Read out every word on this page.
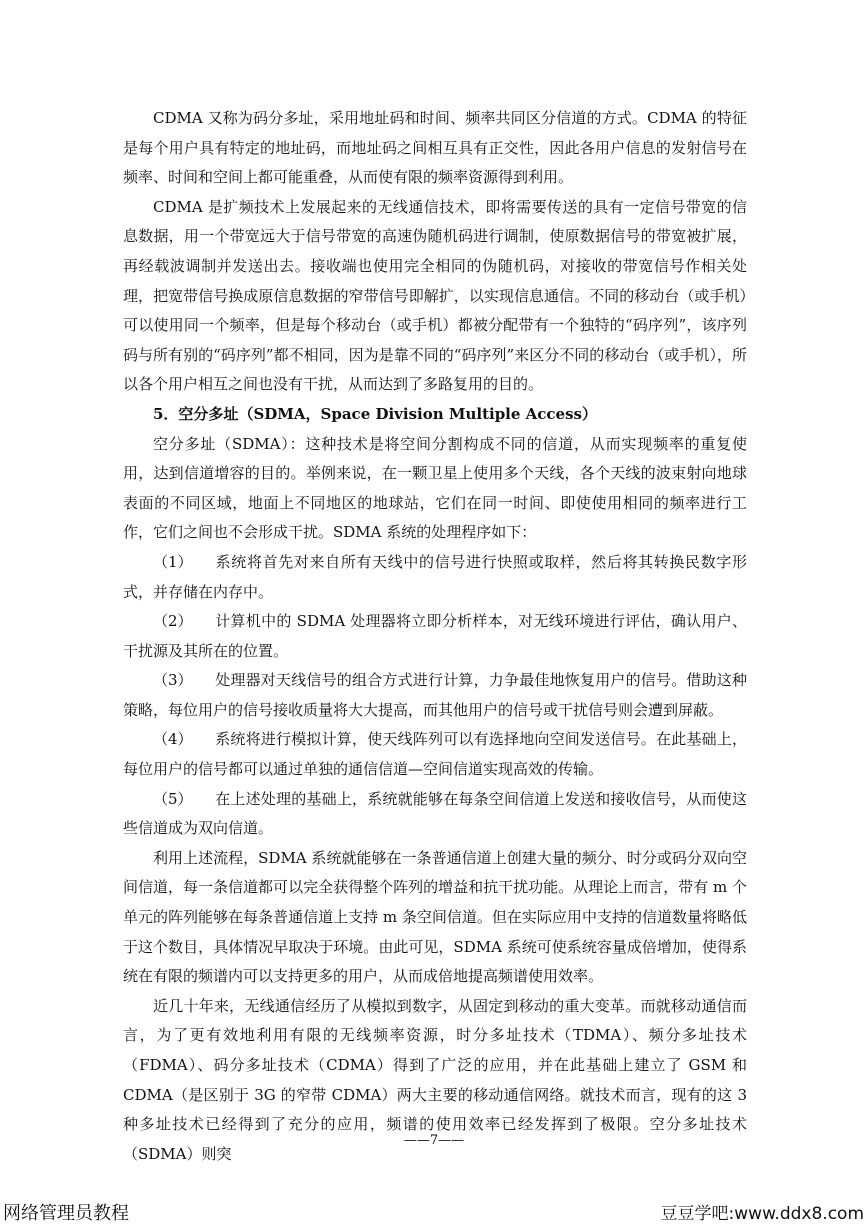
CDMA 又称为码分多址，采用地址码和时间、频率共同区分信道的方式。CDMA 的特征是每个用户具有特定的地址码，而地址码之间相互具有正交性，因此各用户信息的发射信号在频率、时间和空间上都可能重叠，从而使有限的频率资源得到利用。

CDMA 是扩频技术上发展起来的无线通信技术，即将需要传送的具有一定信号带宽的信息数据，用一个带宽远大于信号带宽的高速伪随机码进行调制，使原数据信号的带宽被扩展，再经载波调制并发送出去。接收端也使用完全相同的伪随机码，对接收的带宽信号作相关处理，把宽带信号换成原信息数据的窄带信号即解扩，以实现信息通信。不同的移动台（或手机）可以使用同一个频率，但是每个移动台（或手机）都被分配带有一个独特的“码序列”，该序列码与所有别的“码序列”都不相同，因为是靠不同的“码序列”来区分不同的移动台（或手机），所以各个用户相互之间也没有干扰，从而达到了多路复用的目的。

5．空分多址（SDMA，Space Division Multiple Access）

空分多址（SDMA）：这种技术是将空间分割构成不同的信道，从而实现频率的重复使用，达到信道增容的目的。举例来说，在一颗卫星上使用多个天线，各个天线的波束射向地球表面的不同区域，地面上不同地区的地球站，它们在同一时间、即使使用相同的频率进行工作，它们之间也不会形成干扰。SDMA 系统的处理程序如下：

（1） 系统将首先对来自所有天线中的信号进行快照或取样，然后将其转换民数字形式，并存储在内存中。

（2） 计算机中的 SDMA 处理器将立即分析样本，对无线环境进行评估，确认用户、干扰源及其所在的位置。

（3） 处理器对天线信号的组合方式进行计算，力争最佳地恢复用户的信号。借助这种策略，每位用户的信号接收质量将大大提高，而其他用户的信号或干扰信号则会遭到屏蔽。

（4） 系统将进行模拟计算，使天线阵列可以有选择地向空间发送信号。在此基础上，每位用户的信号都可以通过单独的通信信道—空间信道实现高效的传输。

（5） 在上述处理的基础上，系统就能够在每条空间信道上发送和接收信号，从而使这些信道成为双向信道。

利用上述流程，SDMA 系统就能够在一条普通信道上创建大量的频分、时分或码分双向空间信道，每一条信道都可以完全获得整个阵列的增益和抗干扰功能。从理论上而言，带有 m 个单元的阵列能够在每条普通信道上支持 m 条空间信道。但在实际应用中支持的信道数量将略低于这个数目，具体情况早取决于环境。由此可见，SDMA 系统可使系统容量成倍增加，使得系统在有限的频谱内可以支持更多的用户，从而成倍地提高频谱使用效率。

近几十年来，无线通信经历了从模拟到数字，从固定到移动的重大变革。而就移动通信而言，为了更有效地利用有限的无线频率资源，时分多址技术（TDMA）、频分多址技术（FDMA）、码分多址技术（CDMA）得到了广泛的应用，并在此基础上建立了 GSM 和 CDMA（是区别于 3G 的窄带 CDMA）两大主要的移动通信网络。就技术而言，现有的这 3 种多址技术已经得到了充分的应用，频谱的使用效率已经发挥到了极限。空分多址技术（SDMA）则突

——7——
网络管理员教程	豆豆学吧:www.ddx8.com
